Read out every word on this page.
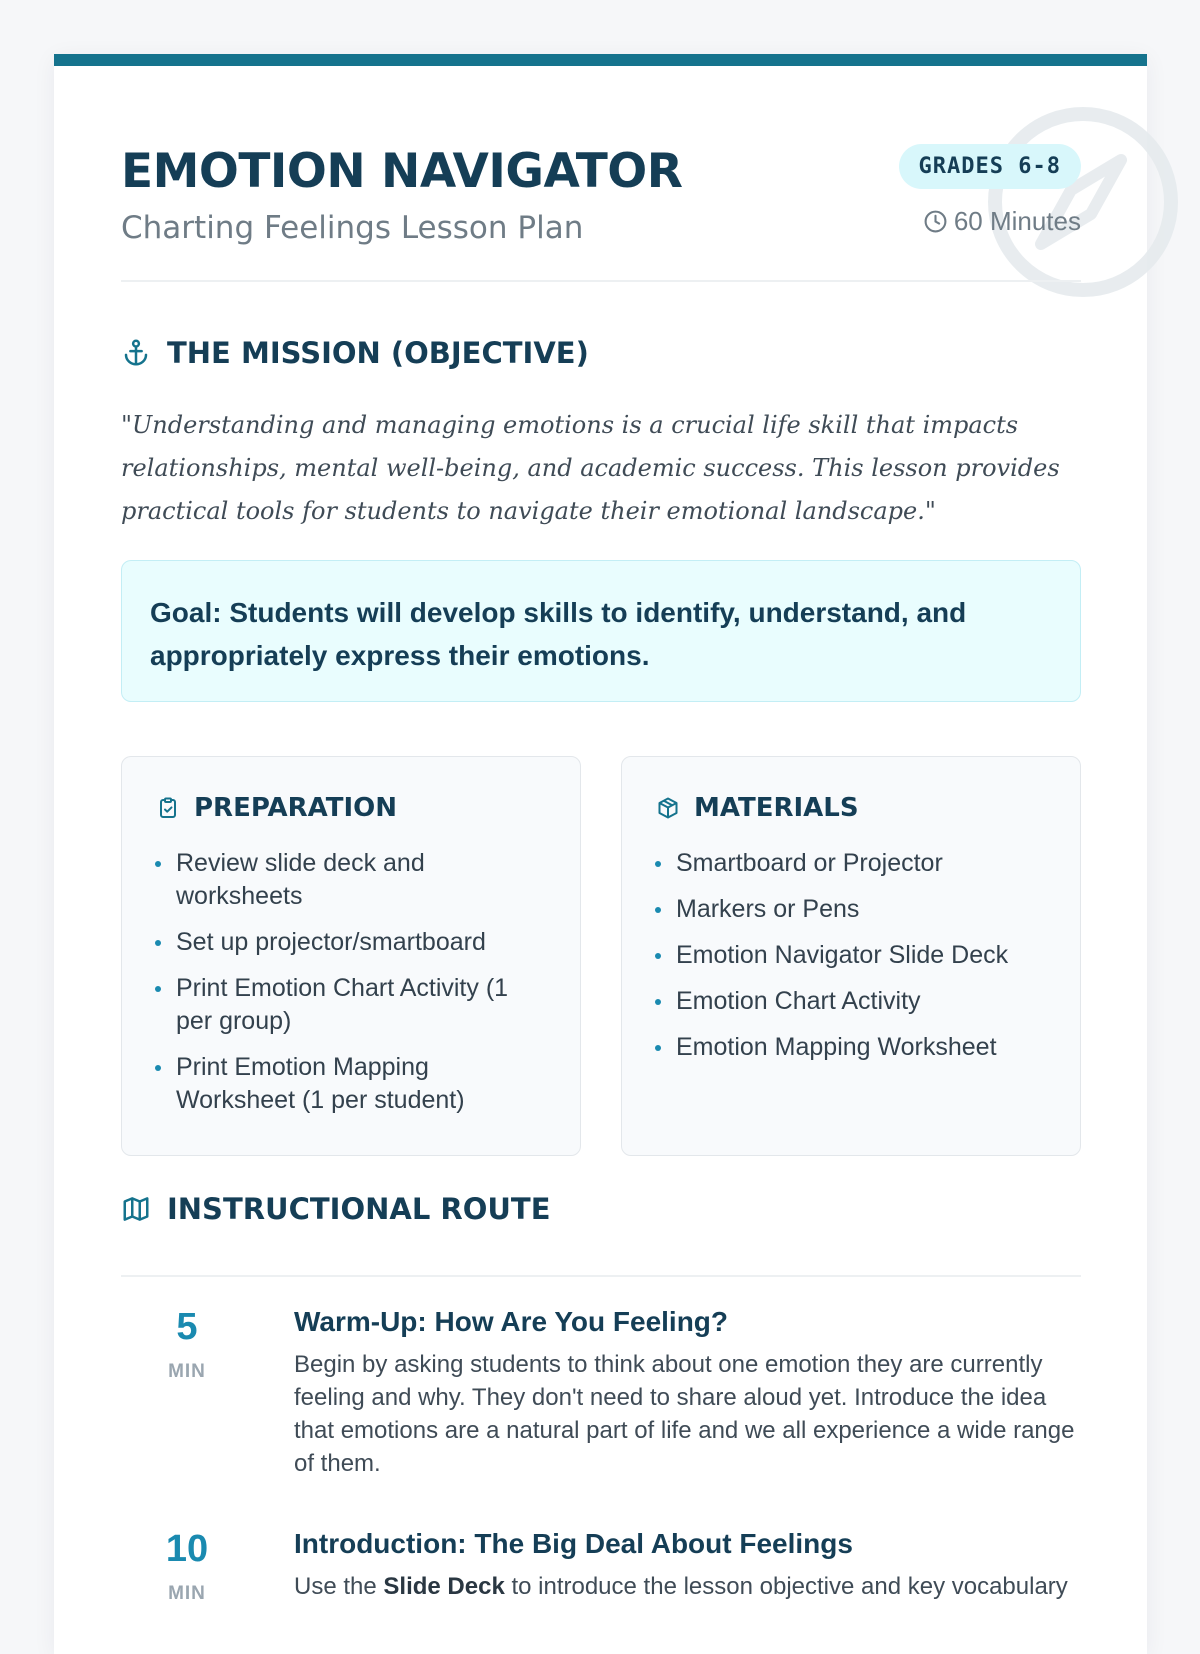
EMOTION NAVIGATOR
Charting Feelings Lesson Plan
GRADES 6-8
60 Minutes
THE MISSION (OBJECTIVE)

"Understanding and managing emotions is a crucial life skill that impacts relationships, mental well-being, and academic success. This lesson provides practical tools for students to navigate their emotional landscape."

Goal: Students will develop skills to identify, understand, and appropriately express their emotions.
PREPARATION
Review slide deck and worksheets
Set up projector/smartboard
Print Emotion Chart Activity (1 per group)
Print Emotion Mapping Worksheet (1 per student)
MATERIALS
Smartboard or Projector
Markers or Pens
Emotion Navigator Slide Deck
Emotion Chart Activity
Emotion Mapping Worksheet
INSTRUCTIONAL ROUTE
5
MIN
Warm-Up: How Are You Feeling?
Begin by asking students to think about one emotion they are currently feeling and why. They don't need to share aloud yet. Introduce the idea that emotions are a natural part of life and we all experience a wide range of them.
10
MIN
Introduction: The Big Deal About Feelings
Use the Slide Deck to introduce the lesson objective and key vocabulary
